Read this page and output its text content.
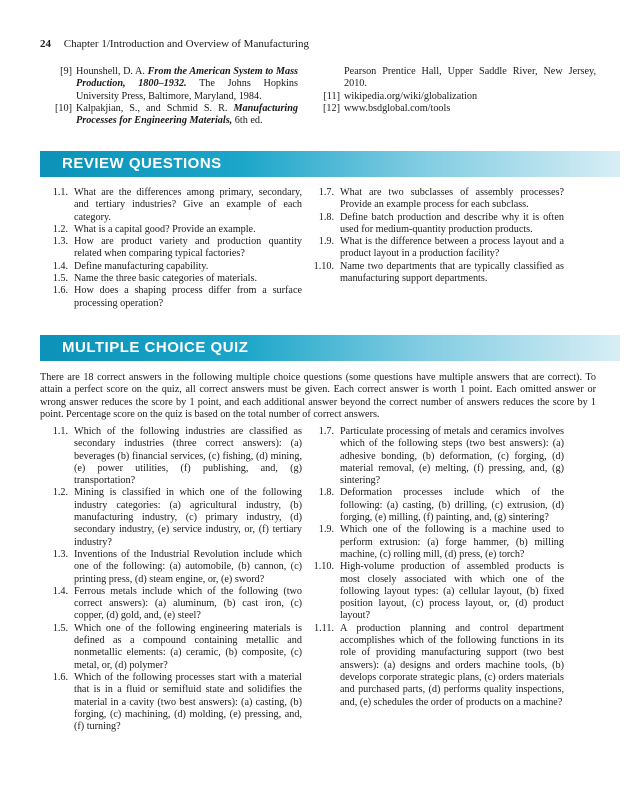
24 Chapter 1/Introduction and Overview of Manufacturing
[9] Hounshell, D. A. From the American System to Mass Production, 1800–1932. The Johns Hopkins University Press, Baltimore, Maryland, 1984.
[10] Kalpakjian, S., and Schmid S. R. Manufacturing Processes for Engineering Materials, 6th ed.
Pearson Prentice Hall, Upper Saddle River, New Jersey, 2010.
[11] wikipedia.org/wiki/globalization
[12] www.bsdglobal.com/tools
REVIEW QUESTIONS
1.1. What are the differences among primary, secondary, and tertiary industries? Give an example of each category.
1.2. What is a capital good? Provide an example.
1.3. How are product variety and production quantity related when comparing typical factories?
1.4. Define manufacturing capability.
1.5. Name the three basic categories of materials.
1.6. How does a shaping process differ from a surface processing operation?
1.7. What are two subclasses of assembly processes? Provide an example process for each subclass.
1.8. Define batch production and describe why it is often used for medium-quantity production products.
1.9. What is the difference between a process layout and a product layout in a production facility?
1.10. Name two departments that are typically classified as manufacturing support departments.
MULTIPLE CHOICE QUIZ
There are 18 correct answers in the following multiple choice questions (some questions have multiple answers that are correct). To attain a perfect score on the quiz, all correct answers must be given. Each correct answer is worth 1 point. Each omitted answer or wrong answer reduces the score by 1 point, and each additional answer beyond the correct number of answers reduces the score by 1 point. Percentage score on the quiz is based on the total number of correct answers.
1.1. Which of the following industries are classified as secondary industries (three correct answers): (a) beverages (b) financial services, (c) fishing, (d) mining, (e) power utilities, (f) publishing, and, (g) transportation?
1.2. Mining is classified in which one of the following industry categories: (a) agricultural industry, (b) manufacturing industry, (c) primary industry, (d) secondary industry, (e) service industry, or, (f) tertiary industry?
1.3. Inventions of the Industrial Revolution include which one of the following: (a) automobile, (b) cannon, (c) printing press, (d) steam engine, or, (e) sword?
1.4. Ferrous metals include which of the following (two correct answers): (a) aluminum, (b) cast iron, (c) copper, (d) gold, and, (e) steel?
1.5. Which one of the following engineering materials is defined as a compound containing metallic and nonmetallic elements: (a) ceramic, (b) composite, (c) metal, or, (d) polymer?
1.6. Which of the following processes start with a material that is in a fluid or semifluid state and solidifies the material in a cavity (two best answers): (a) casting, (b) forging, (c) machining, (d) molding, (e) pressing, and, (f) turning?
1.7. Particulate processing of metals and ceramics involves which of the following steps (two best answers): (a) adhesive bonding, (b) deformation, (c) forging, (d) material removal, (e) melting, (f) pressing, and, (g) sintering?
1.8. Deformation processes include which of the following: (a) casting, (b) drilling, (c) extrusion, (d) forging, (e) milling, (f) painting, and, (g) sintering?
1.9. Which one of the following is a machine used to perform extrusion: (a) forge hammer, (b) milling machine, (c) rolling mill, (d) press, (e) torch?
1.10. High-volume production of assembled products is most closely associated with which one of the following layout types: (a) cellular layout, (b) fixed position layout, (c) process layout, or, (d) product layout?
1.11. A production planning and control department accomplishes which of the following functions in its role of providing manufacturing support (two best answers): (a) designs and orders machine tools, (b) develops corporate strategic plans, (c) orders materials and purchased parts, (d) performs quality inspections, and, (e) schedules the order of products on a machine?
